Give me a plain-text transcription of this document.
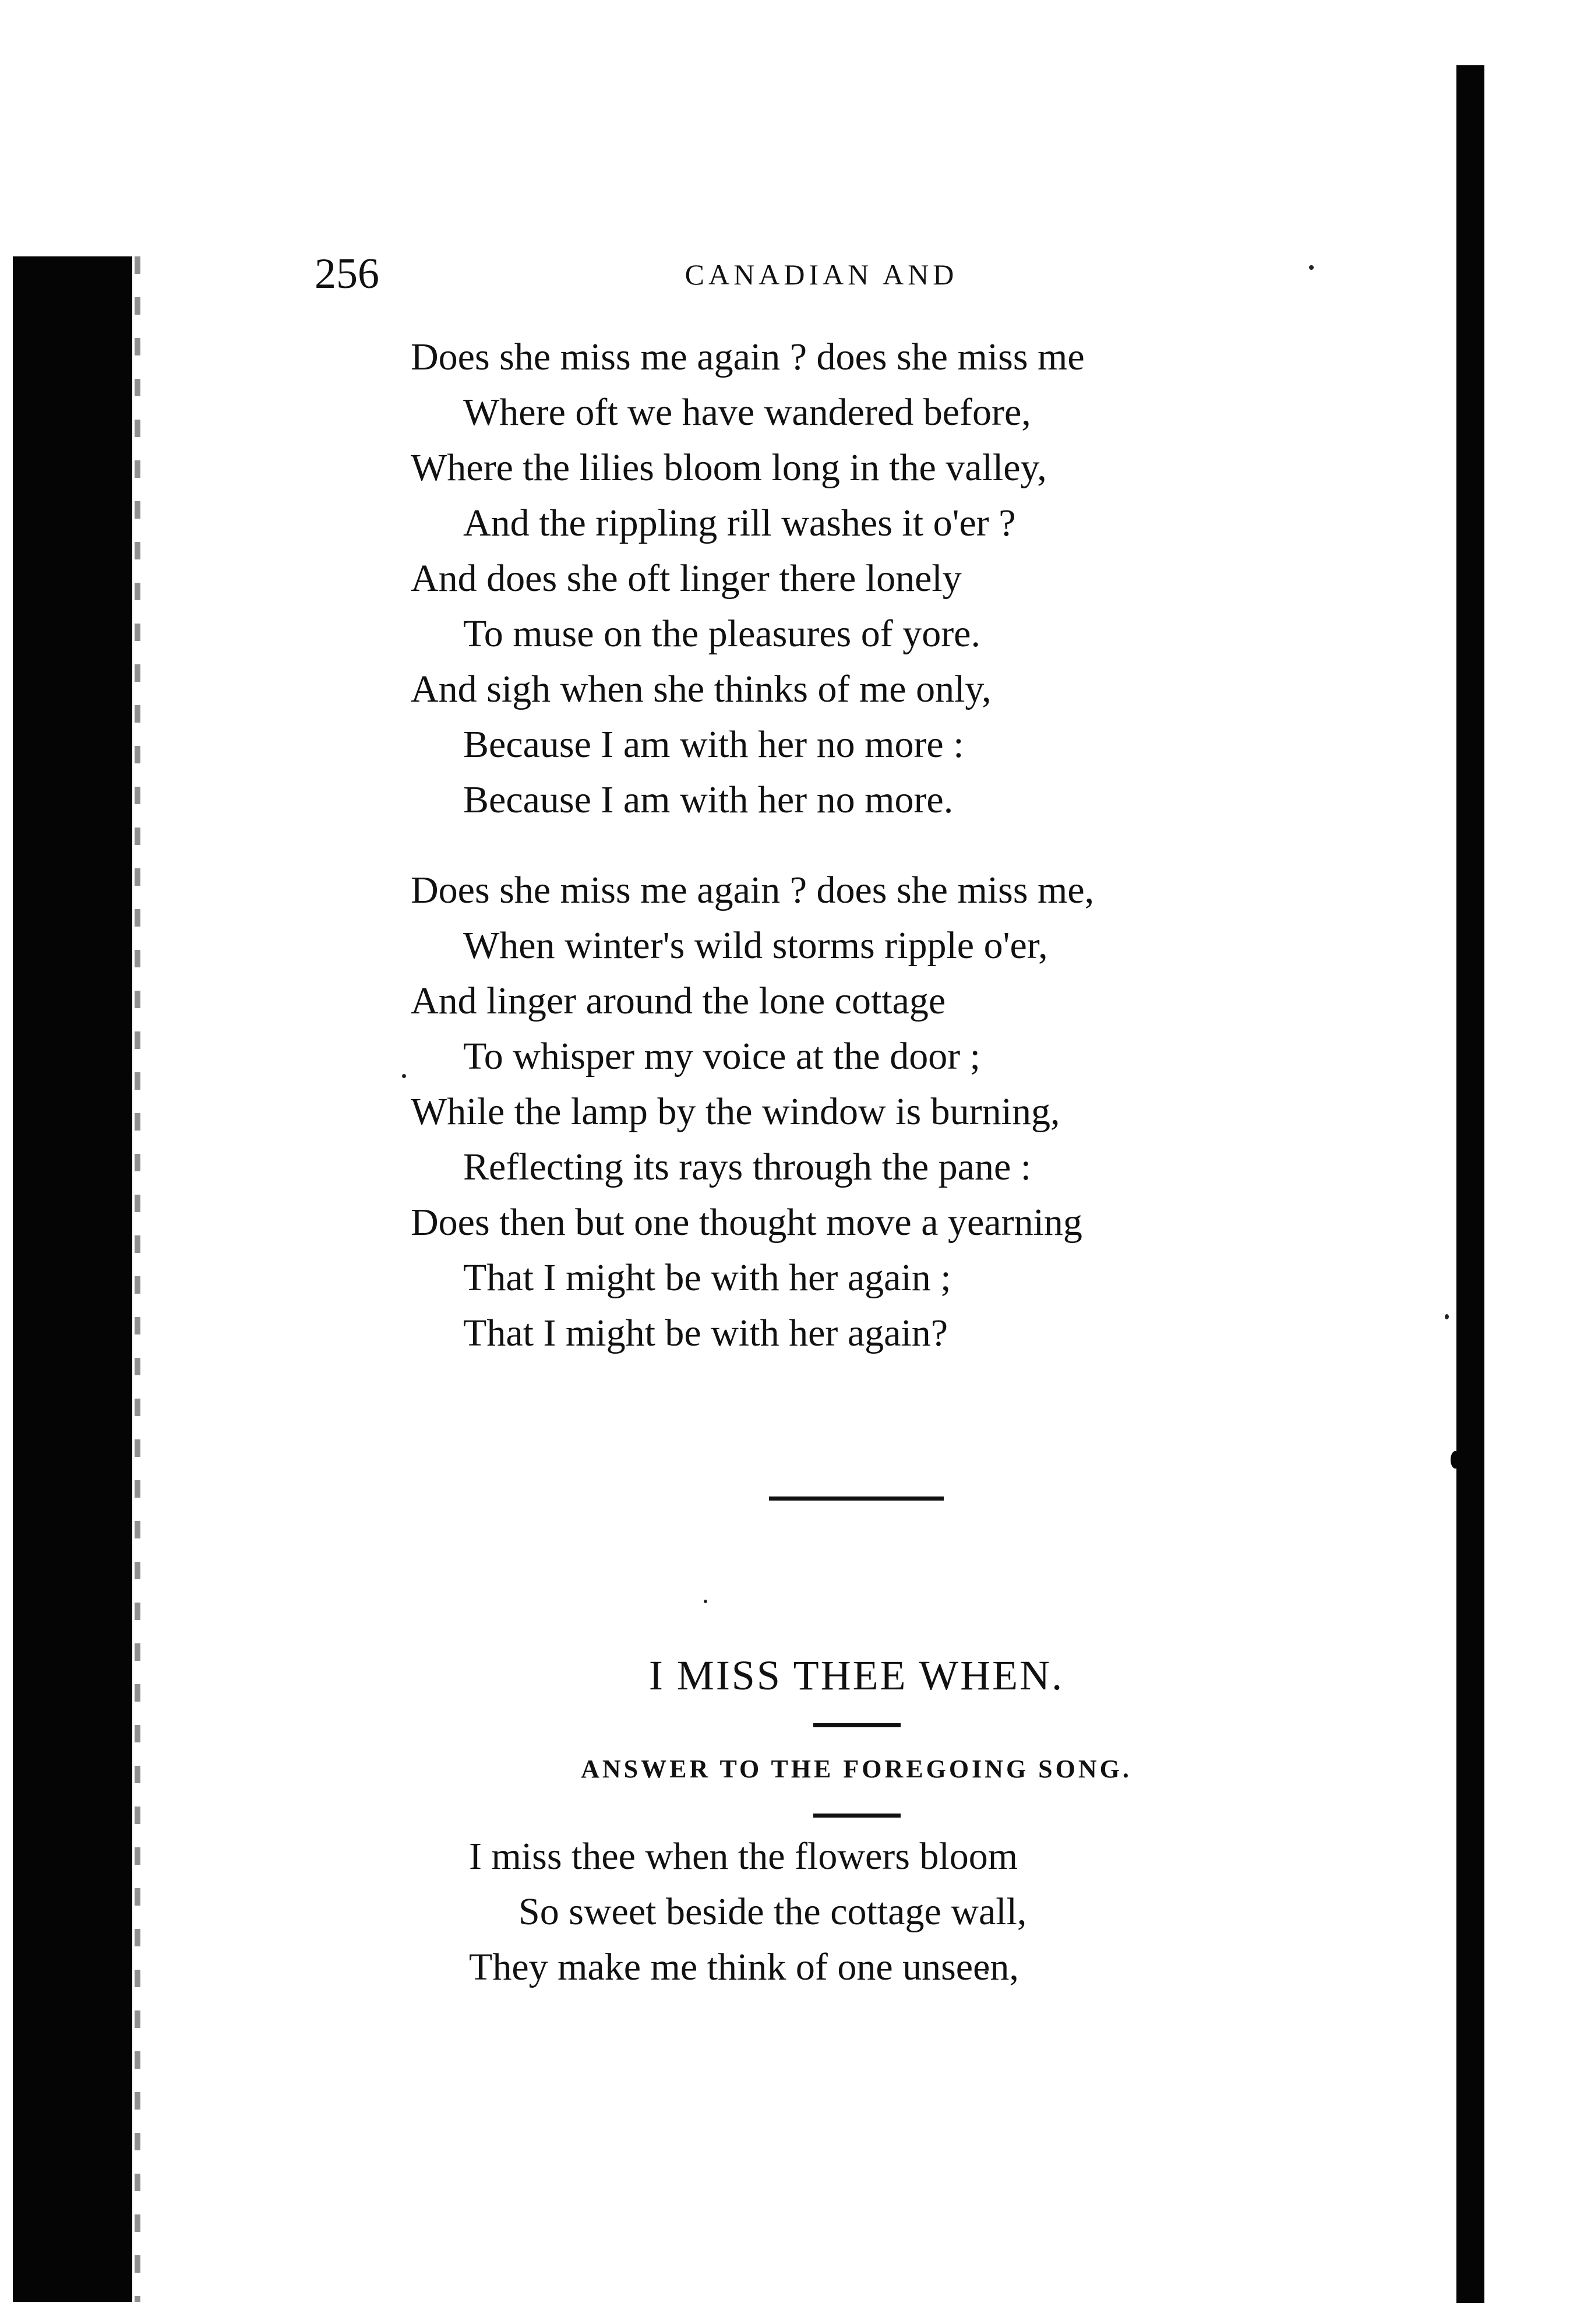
256	CANADIAN AND
Does she miss me again ? does she miss me
Where oft we have wandered before,
Where the lilies bloom long in the valley,
And the rippling rill washes it o'er ?
And does she oft linger there lonely
To muse on the pleasures of yore.
And sigh when she thinks of me only,
Because I am with her no more :
Because I am with her no more.
Does she miss me again ? does she miss me,
When winter's wild storms ripple o'er,
And linger around the lone cottage
To whisper my voice at the door ;
While the lamp by the window is burning,
Reflecting its rays through the pane :
Does then but one thought move a yearning
That I might be with her again ;
That I might be with her again?
I MISS THEE WHEN.
ANSWER TO THE FOREGOING SONG.
I miss thee when the flowers bloom
So sweet beside the cottage wall,
They make me think of one unseen,
